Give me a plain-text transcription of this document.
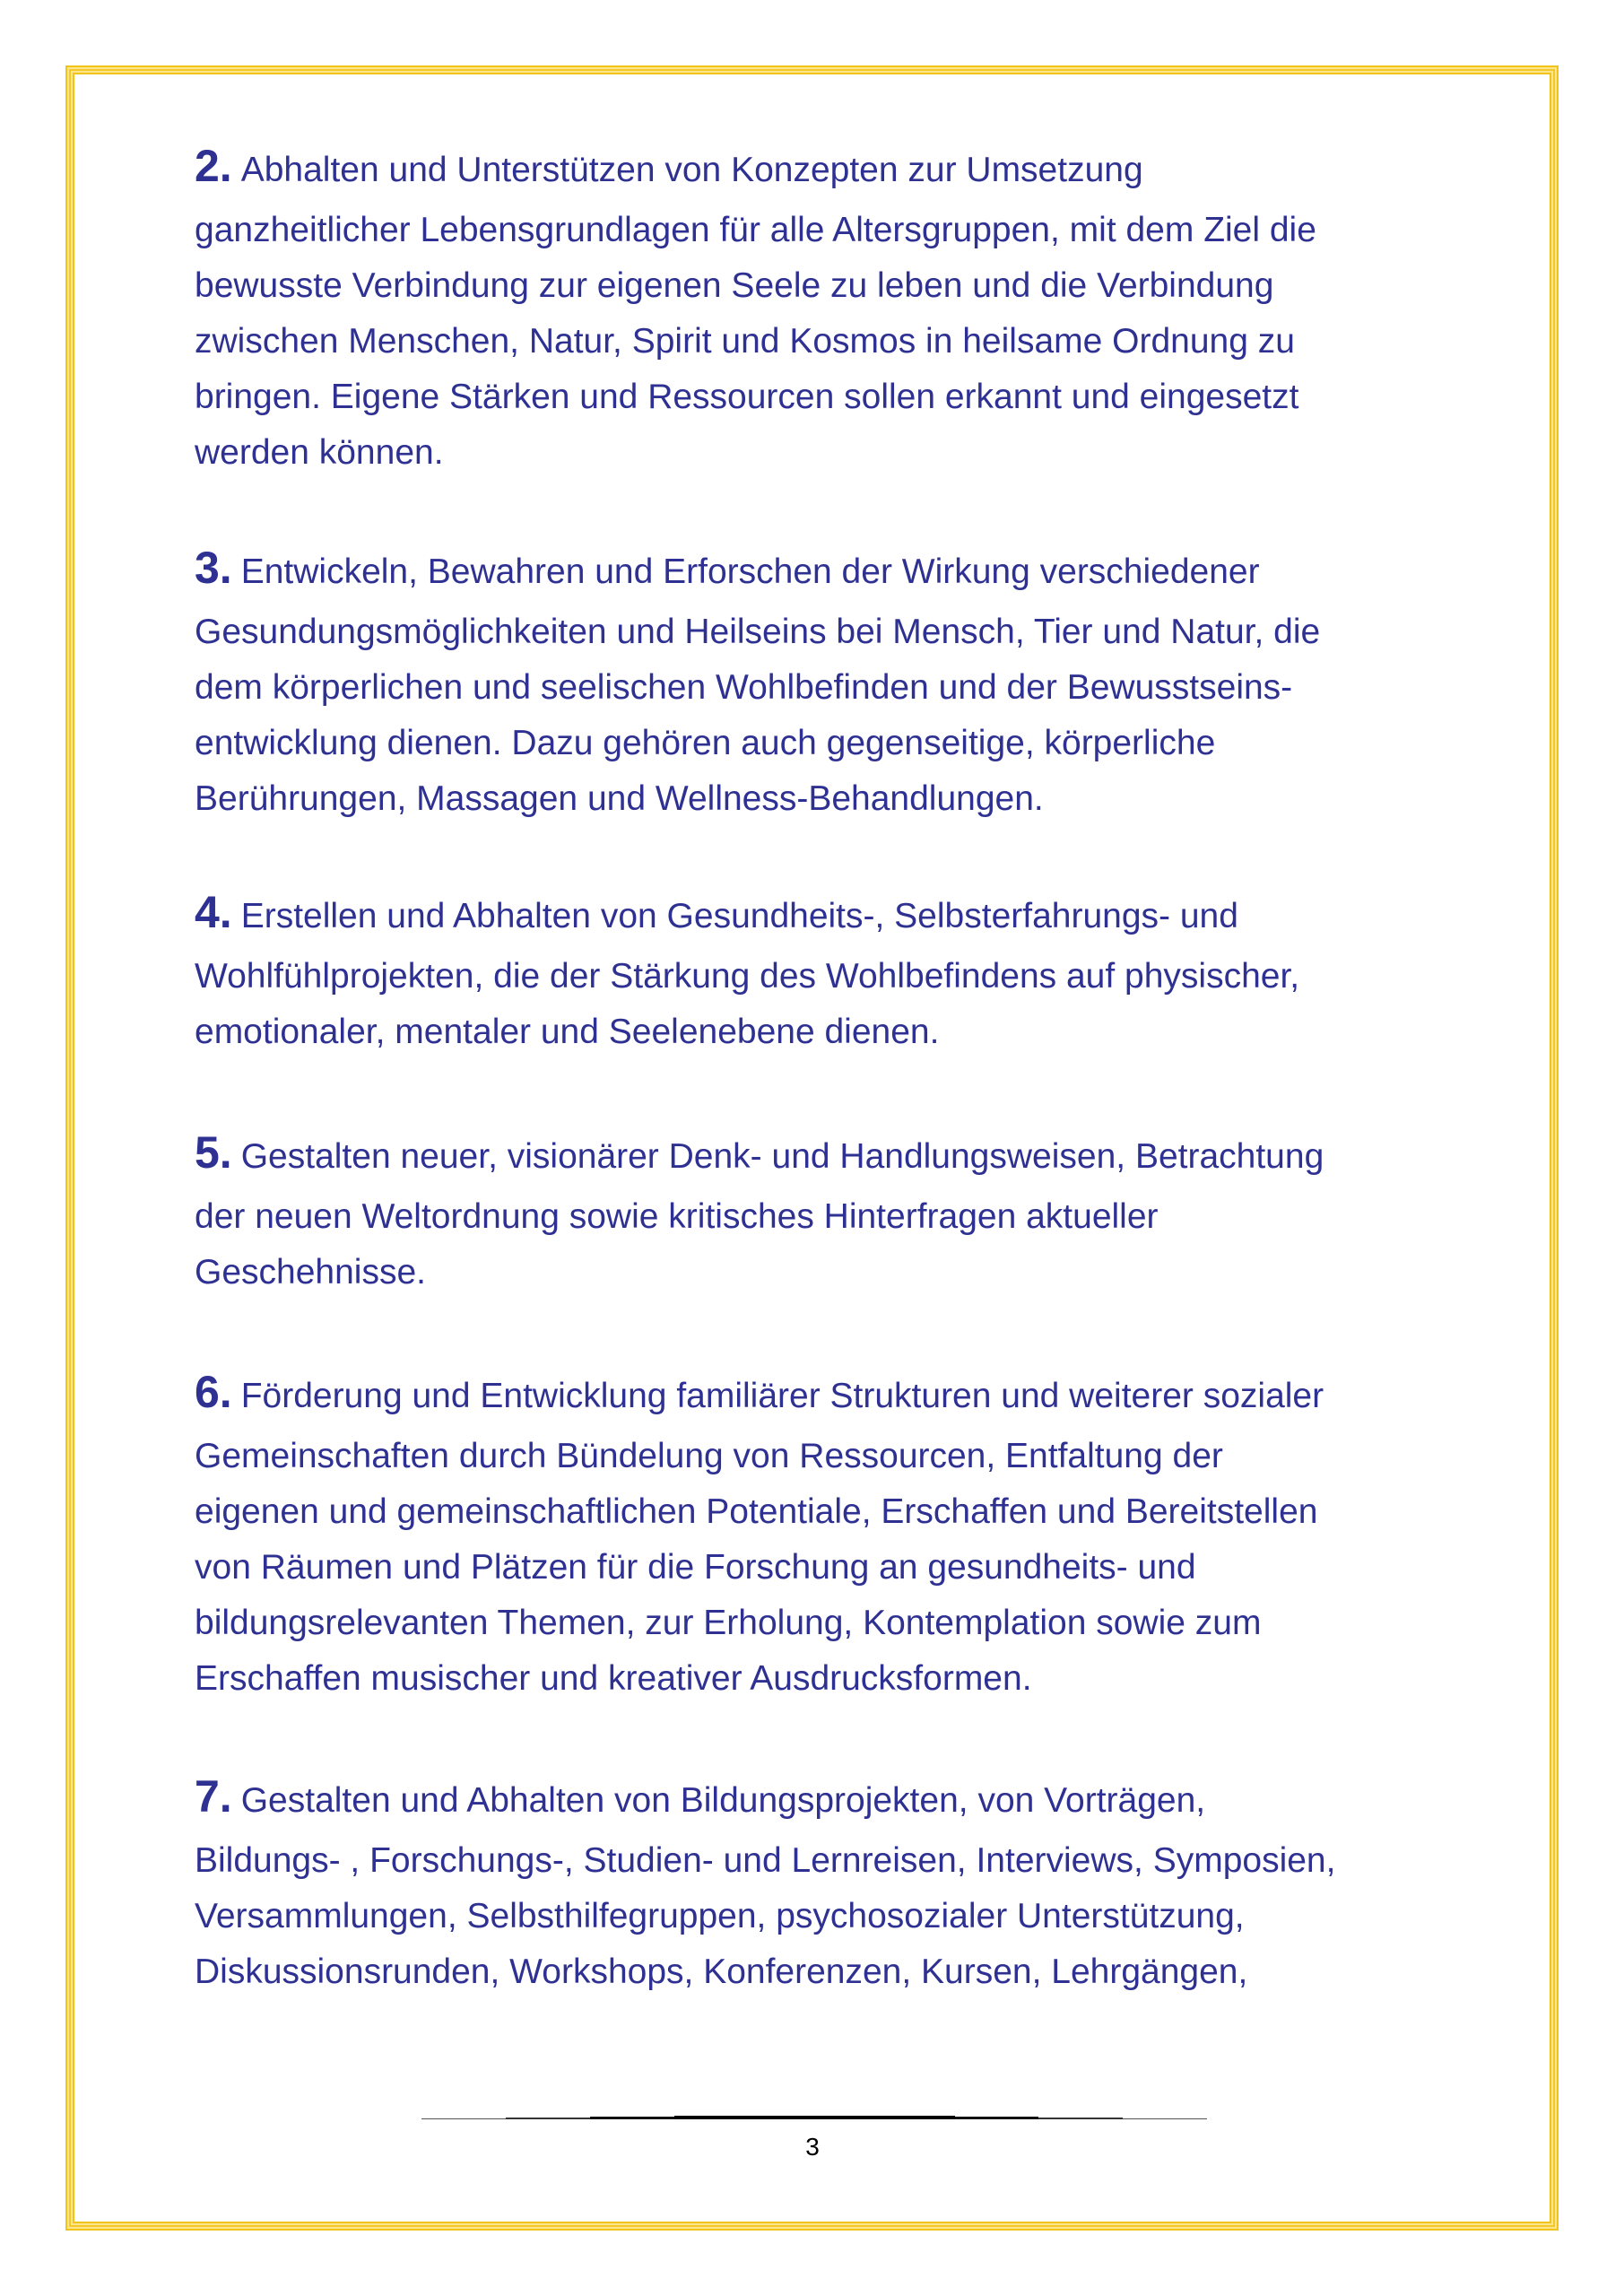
2. Abhalten und Unterstützen von Konzepten zur Umsetzung
ganzheitlicher Lebensgrundlagen für alle Altersgruppen, mit dem Ziel die
bewusste Verbindung zur eigenen Seele zu leben und die Verbindung
zwischen Menschen, Natur, Spirit und Kosmos in heilsame Ordnung zu
bringen. Eigene Stärken und Ressourcen sollen erkannt und eingesetzt
werden können.
3. Entwickeln, Bewahren und Erforschen der Wirkung verschiedener
Gesundungsmöglichkeiten und Heilseins bei Mensch, Tier und Natur, die
dem körperlichen und seelischen Wohlbefinden und der Bewusstseins-
entwicklung dienen. Dazu gehören auch gegenseitige, körperliche
Berührungen, Massagen und Wellness-Behandlungen.
4. Erstellen und Abhalten von Gesundheits-, Selbsterfahrungs- und
Wohlfühlprojekten, die der Stärkung des Wohlbefindens auf physischer,
emotionaler, mentaler und Seelenebene dienen.
5. Gestalten neuer, visionärer Denk- und Handlungsweisen, Betrachtung
der neuen Weltordnung sowie kritisches Hinterfragen aktueller
Geschehnisse.
6. Förderung und Entwicklung familiärer Strukturen und weiterer sozialer
Gemeinschaften durch Bündelung von Ressourcen, Entfaltung der
eigenen und gemeinschaftlichen Potentiale, Erschaffen und Bereitstellen
von Räumen und Plätzen für die Forschung an gesundheits- und
bildungsrelevanten Themen, zur Erholung, Kontemplation sowie zum
Erschaffen musischer und kreativer Ausdrucksformen.
7. Gestalten und Abhalten von Bildungsprojekten, von Vorträgen,
Bildungs- , Forschungs-, Studien- und Lernreisen, Interviews, Symposien,
Versammlungen, Selbsthilfegruppen, psychosozialer Unterstützung,
Diskussionsrunden, Workshops, Konferenzen, Kursen, Lehrgängen,
3
